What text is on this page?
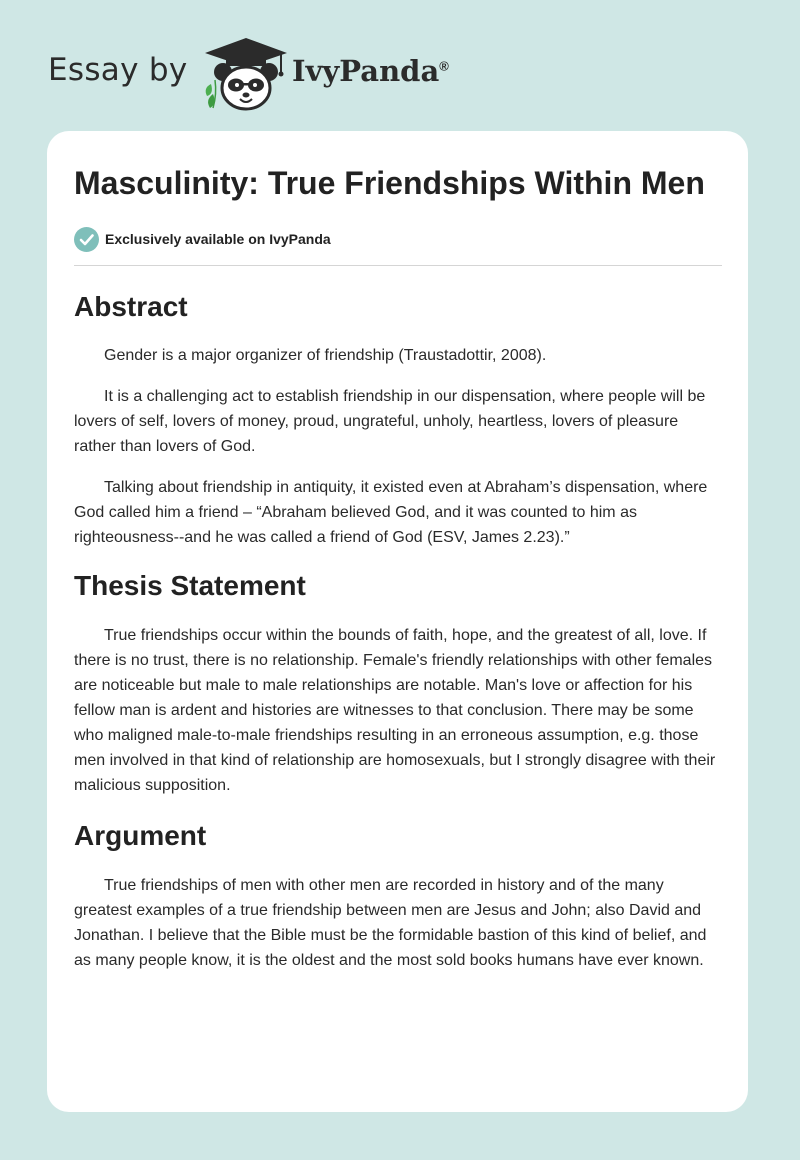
Essay by	IvyPanda®
Masculinity: True Friendships Within Men
Exclusively available on IvyPanda
Abstract

Gender is a major organizer of friendship (Traustadottir, 2008).

It is a challenging act to establish friendship in our dispensation, where people will be lovers of self, lovers of money, proud, ungrateful, unholy, heartless, lovers of pleasure rather than lovers of God.

Talking about friendship in antiquity, it existed even at Abraham’s dispensation, where God called him a friend – “Abraham believed God, and it was counted to him as righteousness--and he was called a friend of God (ESV, James 2.23).”

Thesis Statement

True friendships occur within the bounds of faith, hope, and the greatest of all, love. If there is no trust, there is no relationship. Female's friendly relationships with other females are noticeable but male to male relationships are notable. Man's love or affection for his fellow man is ardent and histories are witnesses to that conclusion. There may be some who maligned male-to-male friendships resulting in an erroneous assumption, e.g. those men involved in that kind of relationship are homosexuals, but I strongly disagree with their malicious supposition.

Argument

True friendships of men with other men are recorded in history and of the many greatest examples of a true friendship between men are Jesus and John; also David and Jonathan. I believe that the Bible must be the formidable bastion of this kind of belief, and as many people know, it is the oldest and the most sold books humans have ever known.
